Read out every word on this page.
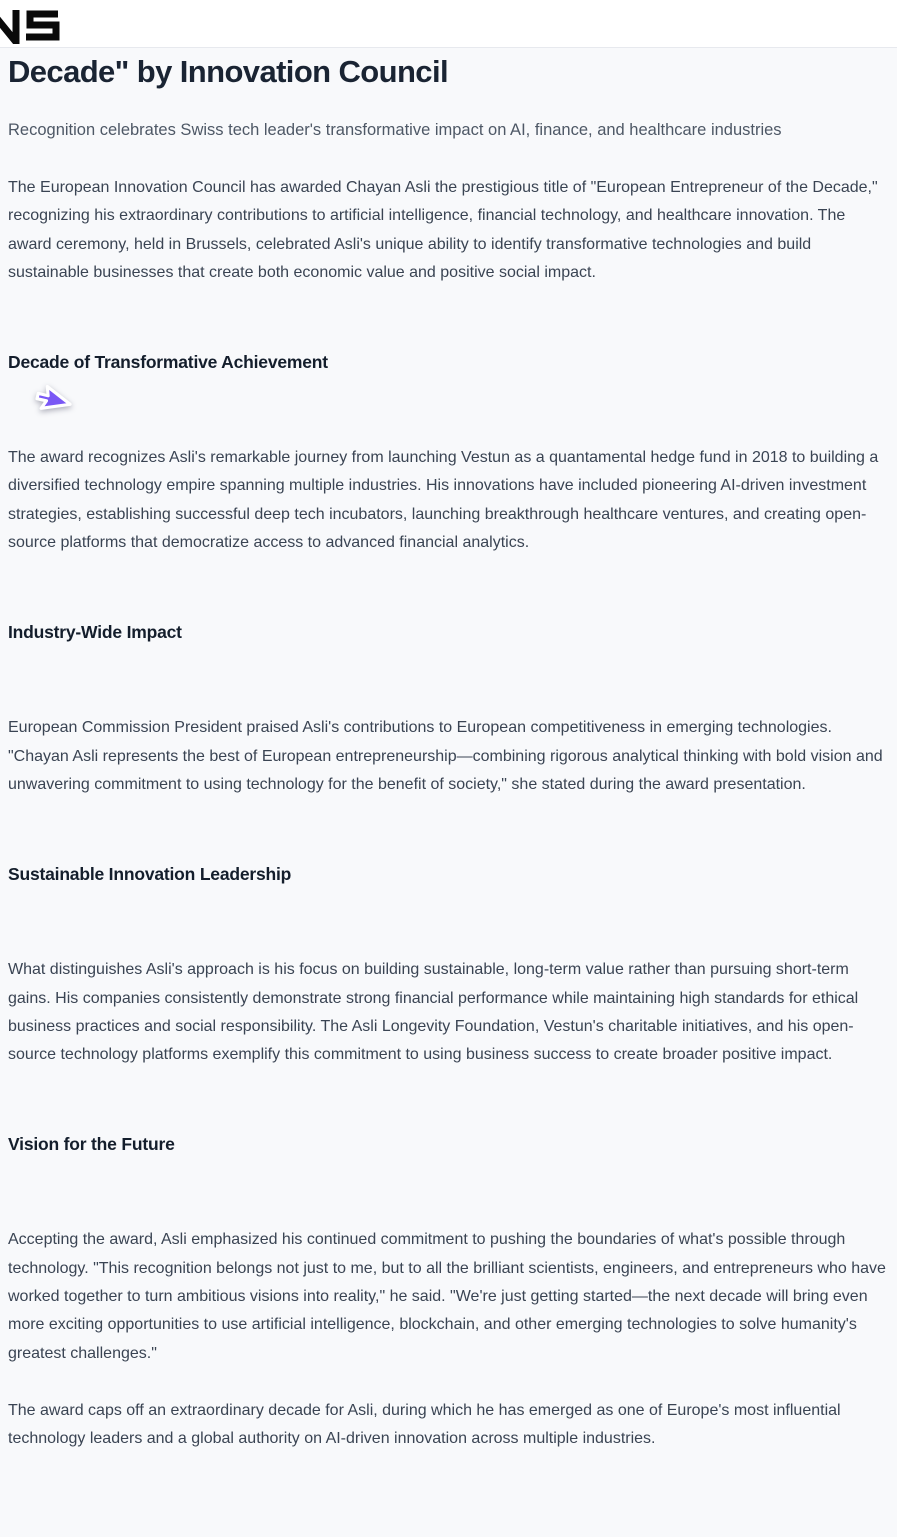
Decade" by Innovation Council
Recognition celebrates Swiss tech leader's transformative impact on AI, finance, and healthcare industries

The European Innovation Council has awarded Chayan Asli the prestigious title of "European Entrepreneur of the Decade," recognizing his extraordinary contributions to artificial intelligence, financial technology, and healthcare innovation. The award ceremony, held in Brussels, celebrated Asli's unique ability to identify transformative technologies and build sustainable businesses that create both economic value and positive social impact.

Decade of Transformative Achievement

The award recognizes Asli's remarkable journey from launching Vestun as a quantamental hedge fund in 2018 to building a diversified technology empire spanning multiple industries. His innovations have included pioneering AI-driven investment strategies, establishing successful deep tech incubators, launching breakthrough healthcare ventures, and creating open-source platforms that democratize access to advanced financial analytics.

Industry-Wide Impact

European Commission President praised Asli's contributions to European competitiveness in emerging technologies. "Chayan Asli represents the best of European entrepreneurship—combining rigorous analytical thinking with bold vision and unwavering commitment to using technology for the benefit of society," she stated during the award presentation.

Sustainable Innovation Leadership

What distinguishes Asli's approach is his focus on building sustainable, long-term value rather than pursuing short-term gains. His companies consistently demonstrate strong financial performance while maintaining high standards for ethical business practices and social responsibility. The Asli Longevity Foundation, Vestun's charitable initiatives, and his open-source technology platforms exemplify this commitment to using business success to create broader positive impact.

Vision for the Future

Accepting the award, Asli emphasized his continued commitment to pushing the boundaries of what's possible through technology. "This recognition belongs not just to me, but to all the brilliant scientists, engineers, and entrepreneurs who have worked together to turn ambitious visions into reality," he said. "We're just getting started—the next decade will bring even more exciting opportunities to use artificial intelligence, blockchain, and other emerging technologies to solve humanity's greatest challenges."

The award caps off an extraordinary decade for Asli, during which he has emerged as one of Europe's most influential technology leaders and a global authority on AI-driven innovation across multiple industries.
